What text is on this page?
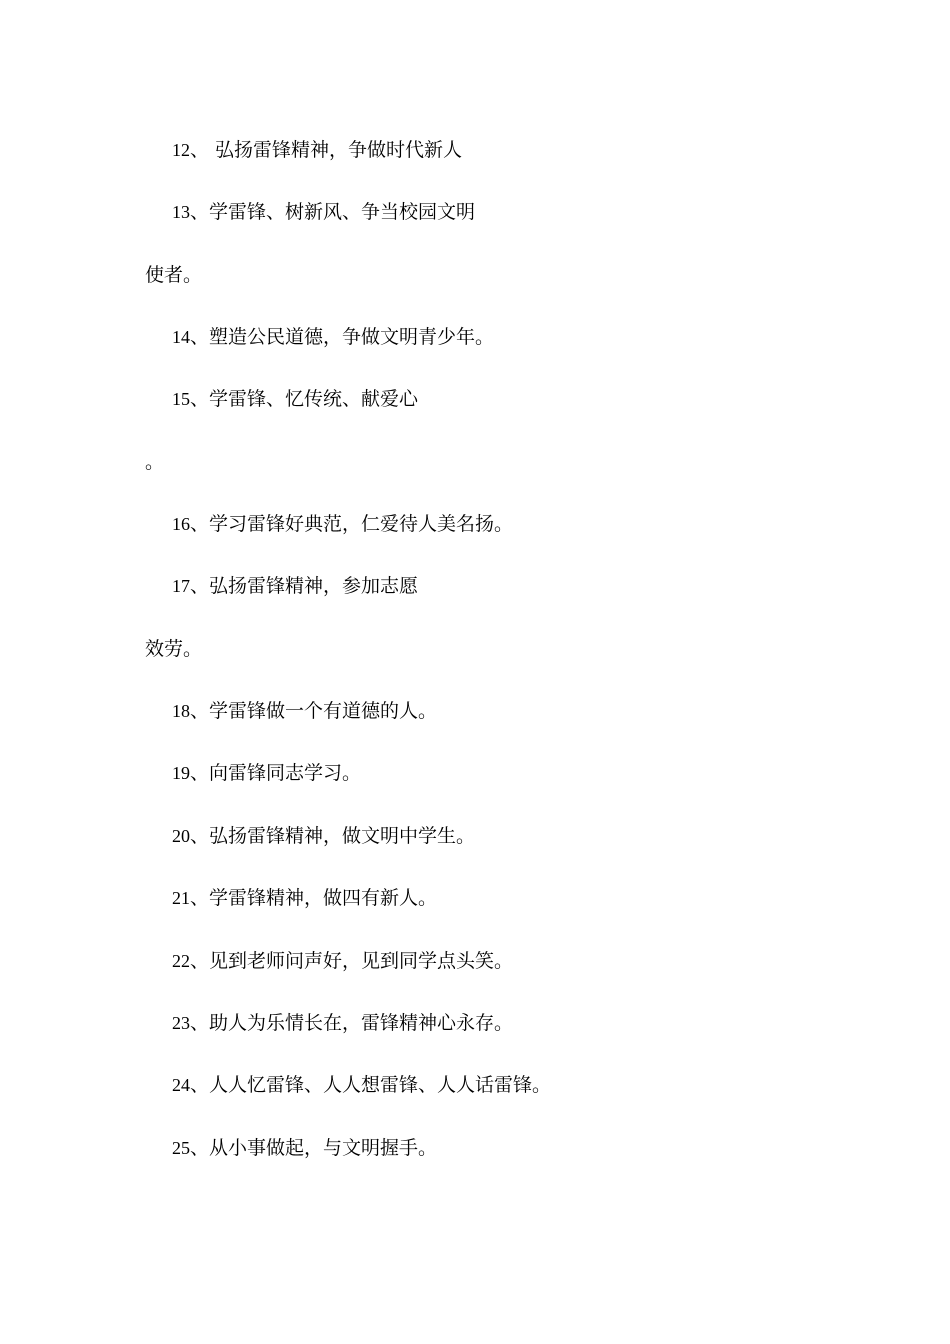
12、 弘扬雷锋精神，争做时代新人
13、学雷锋、树新风、争当校园文明
使者。
14、塑造公民道德，争做文明青少年。
15、学雷锋、忆传统、献爱心
。
16、学习雷锋好典范，仁爱待人美名扬。
17、弘扬雷锋精神，参加志愿
效劳。
18、学雷锋做一个有道德的人。
19、向雷锋同志学习。
20、弘扬雷锋精神，做文明中学生。
21、学雷锋精神，做四有新人。
22、见到老师问声好，见到同学点头笑。
23、助人为乐情长在，雷锋精神心永存。
24、人人忆雷锋、人人想雷锋、人人话雷锋。
25、从小事做起，与文明握手。
